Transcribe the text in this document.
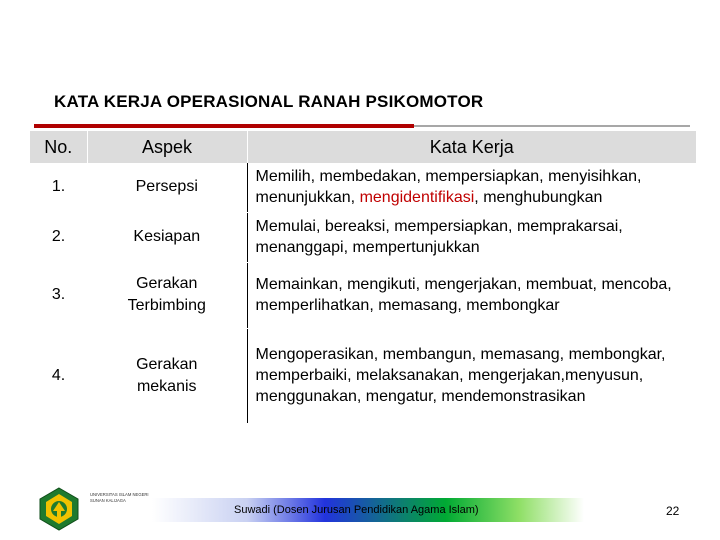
KATA KERJA OPERASIONAL RANAH PSIKOMOTOR
No.	Aspek	Kata Kerja
1.	Persepsi	Memilih, membedakan, mempersiapkan, menyisihkan, menunjukkan, mengidentifikasi, menghubungkan
2.	Kesiapan	Memulai, bereaksi, mempersiapkan, memprakarsai, menanggapi, mempertunjukkan
3.	Gerakan Terbimbing	Memainkan, mengikuti, mengerjakan, membuat, mencoba, memperlihatkan, memasang, membongkar
4.	Gerakan mekanis	Mengoperasikan, membangun, memasang, membongkar, memperbaiki, melaksanakan, mengerjakan,menyusun, menggunakan, mengatur, mendemonstrasikan
UNIVERSITAS ISLAM NEGERI SUNAN KALIJAGA
Suwadi (Dosen Jurusan Pendidikan Agama Islam)	22
